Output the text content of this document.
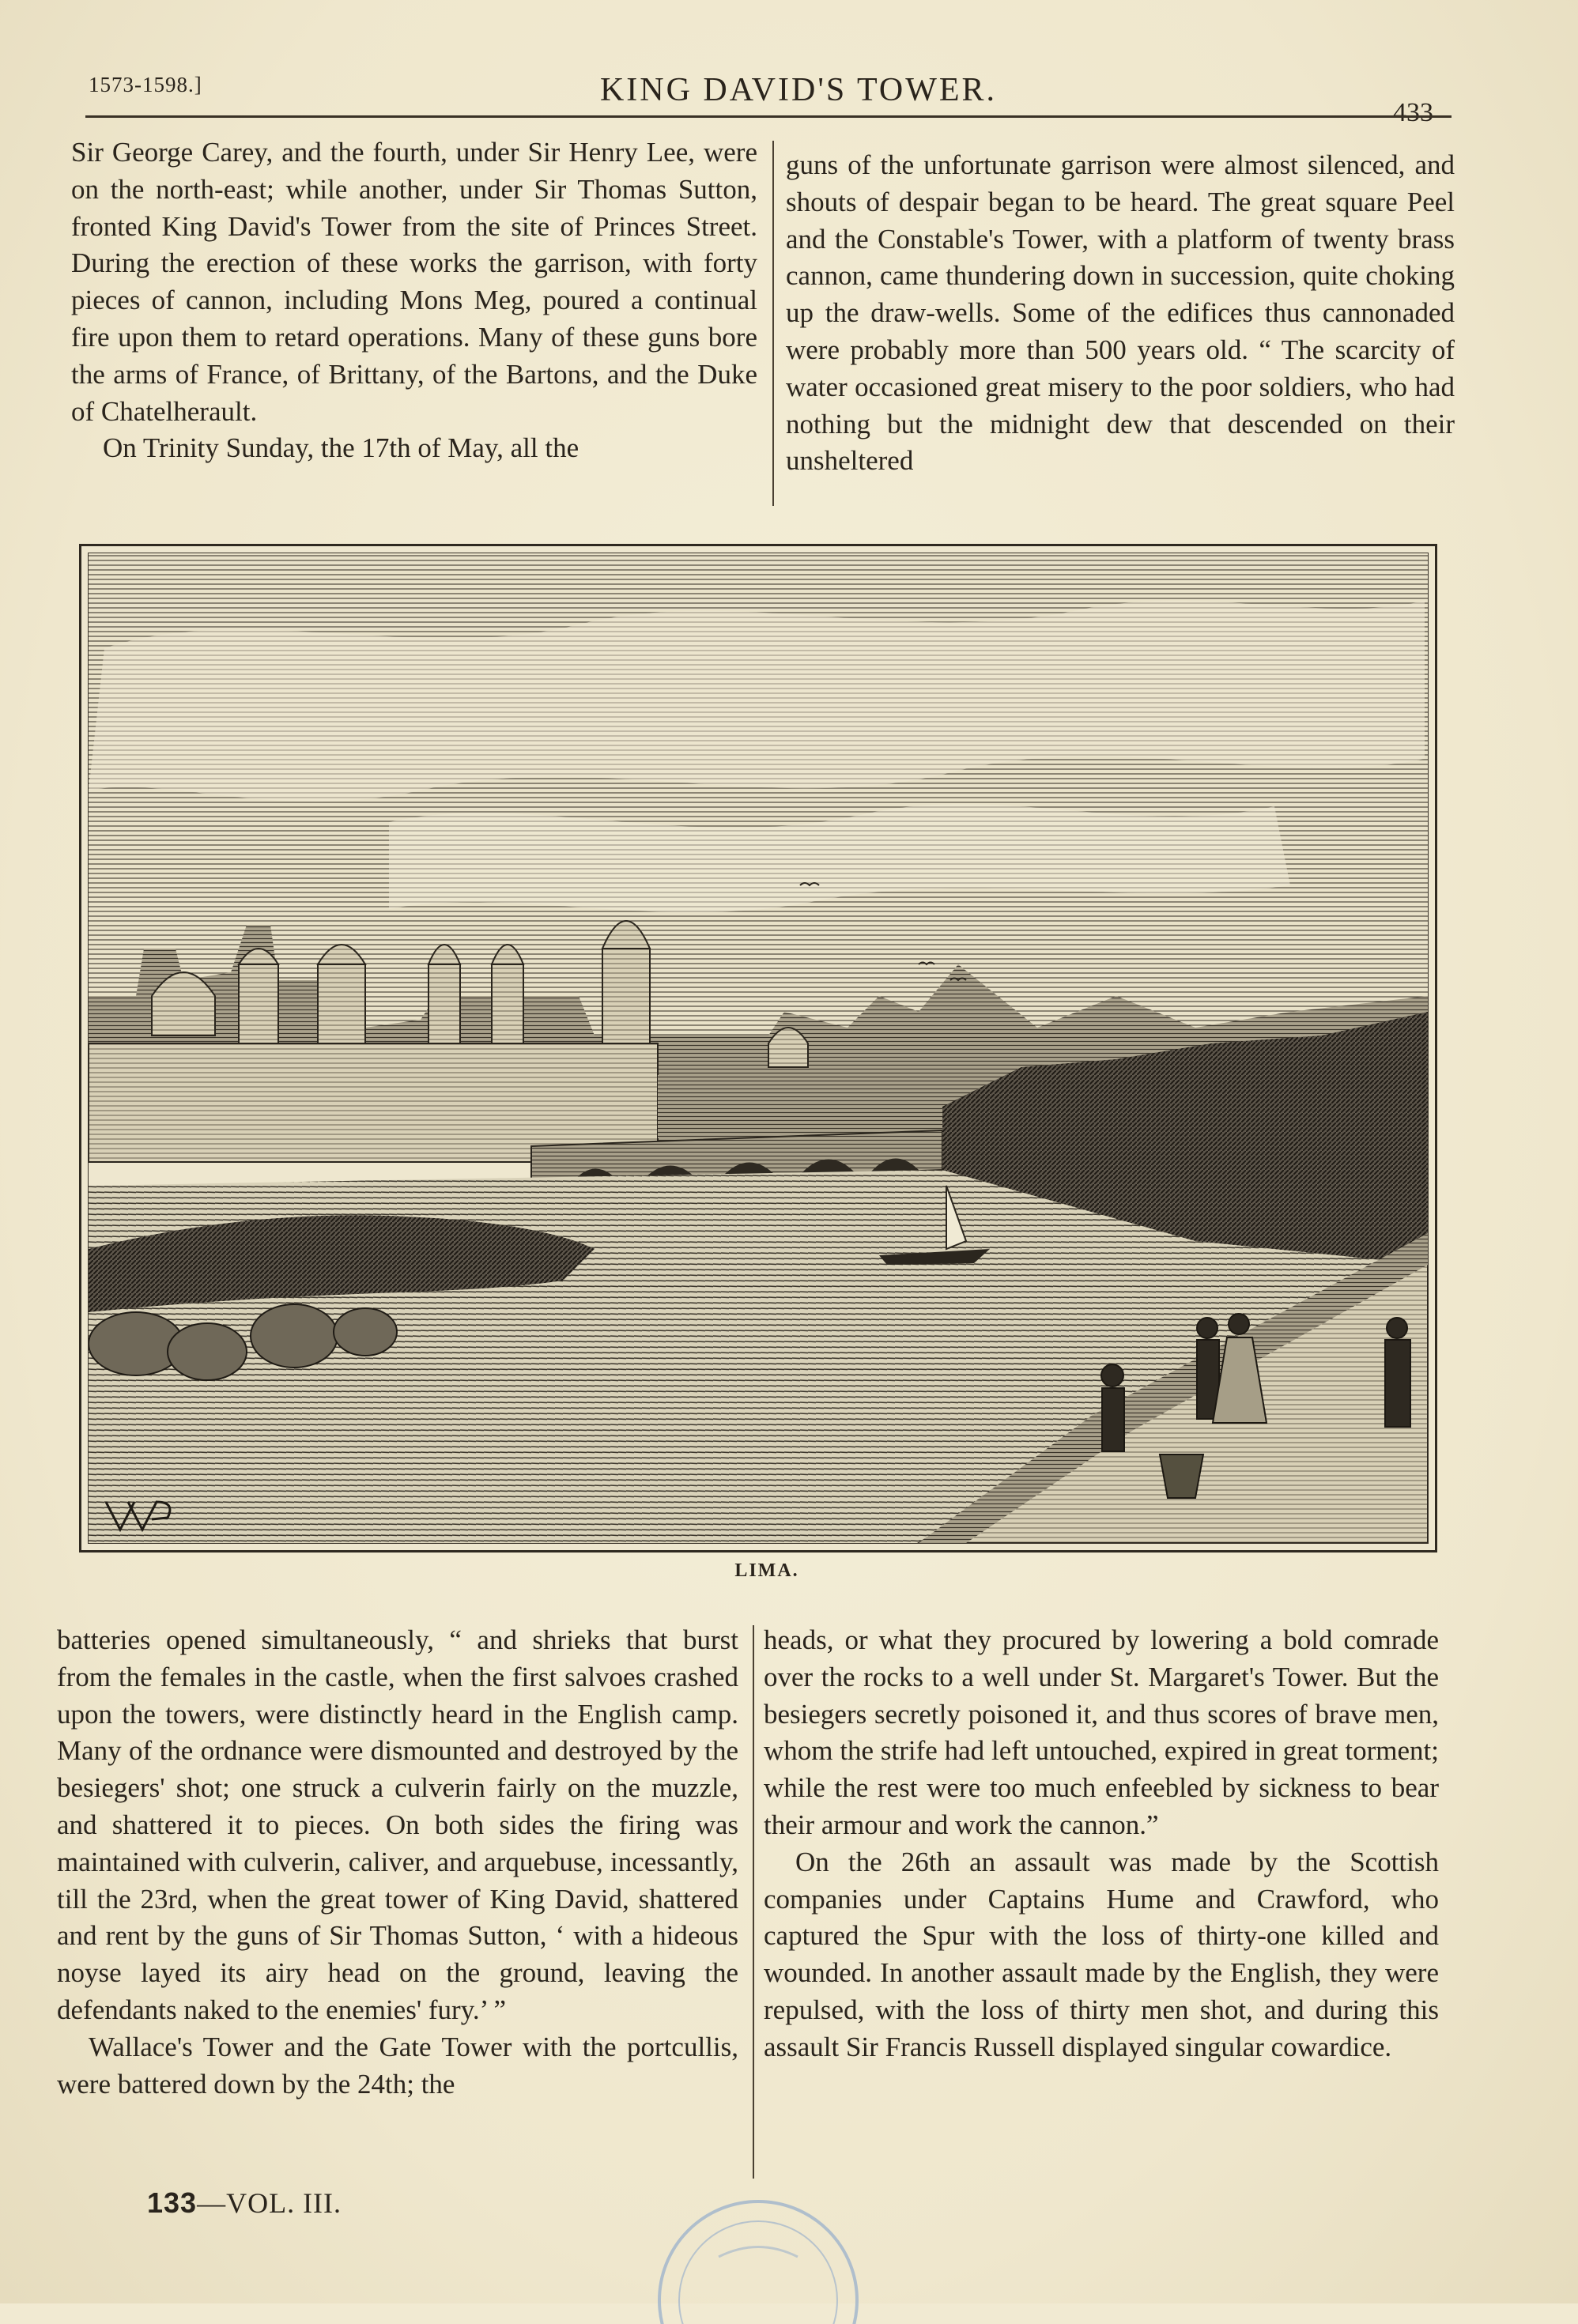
1573-1598.]	KING DAVID'S TOWER.
433

Sir George Carey, and the fourth, under Sir Henry Lee, were on the north-east; while another, under Sir Thomas Sutton, fronted King David's Tower from the site of Princes Street. During the erection of these works the garrison, with forty pieces of cannon, including Mons Meg, poured a continual fire upon them to retard operations. Many of these guns bore the arms of France, of Brittany, of the Bartons, and the Duke of Chatelherault.

On Trinity Sunday, the 17th of May, all the

guns of the unfortunate garrison were almost silenced, and shouts of despair began to be heard. The great square Peel and the Constable's Tower, with a platform of twenty brass cannon, came thundering down in succession, quite choking up the draw-wells. Some of the edifices thus cannonaded were probably more than 500 years old. “ The scarcity of water occasioned great misery to the poor soldiers, who had nothing but the midnight dew that descended on their unsheltered

LIMA.

batteries opened simultaneously, “ and shrieks that burst from the females in the castle, when the first salvoes crashed upon the towers, were distinctly heard in the English camp. Many of the ordnance were dismounted and destroyed by the besiegers' shot; one struck a culverin fairly on the muzzle, and shattered it to pieces. On both sides the firing was maintained with culverin, caliver, and arquebuse, incessantly, till the 23rd, when the great tower of King David, shattered and rent by the guns of Sir Thomas Sutton, ‘ with a hideous noyse layed its airy head on the ground, leaving the defendants naked to the enemies' fury.’ ”

Wallace's Tower and the Gate Tower with the portcullis, were battered down by the 24th; the

heads, or what they procured by lowering a bold comrade over the rocks to a well under St. Margaret's Tower. But the besiegers secretly poisoned it, and thus scores of brave men, whom the strife had left untouched, expired in great torment; while the rest were too much enfeebled by sickness to bear their armour and work the cannon.”

On the 26th an assault was made by the Scottish companies under Captains Hume and Crawford, who captured the Spur with the loss of thirty-one killed and wounded. In another assault made by the English, they were repulsed, with the loss of thirty men shot, and during this assault Sir Francis Russell displayed singular cowardice.

133—VOL. III.
